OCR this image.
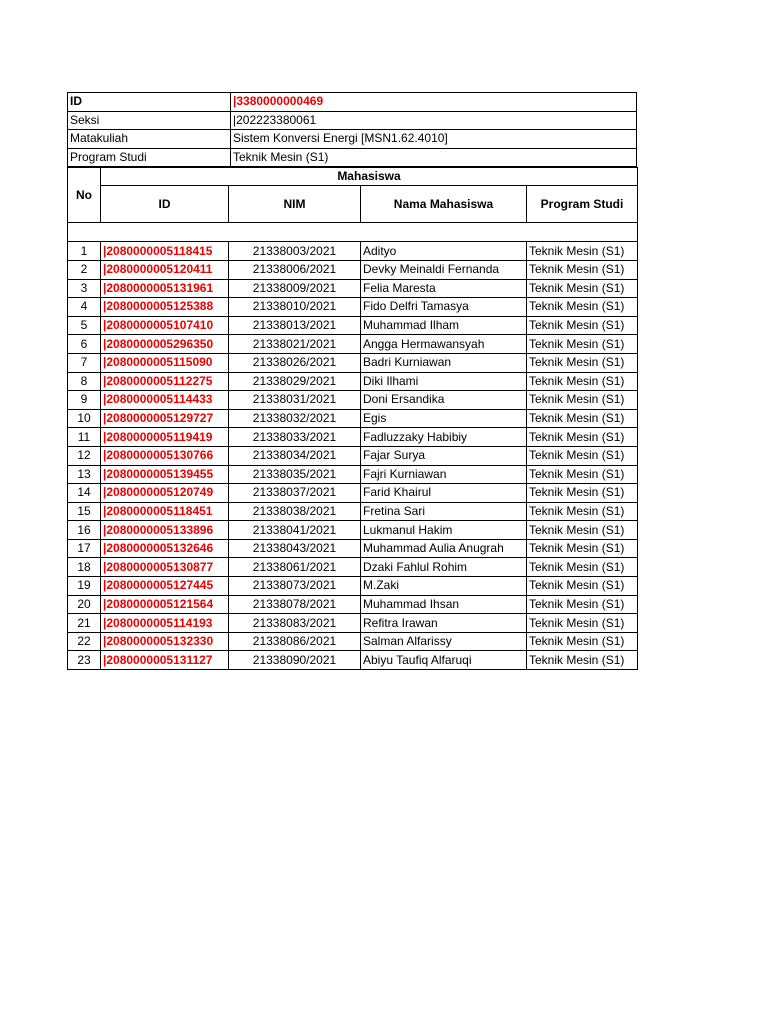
ID	|3380000000469
Seksi	|202223380061
Matakuliah	Sistem Konversi Energi [MSN1.62.4010]
Program Studi	Teknik Mesin (S1)
No	Mahasiswa			
	ID	NIM	Nama Mahasiswa	Program Studi

1	|2080000005118415	21338003/2021	Adityo	Teknik Mesin (S1)
2	|2080000005120411	21338006/2021	Devky Meinaldi Fernanda	Teknik Mesin (S1)
3	|2080000005131961	21338009/2021	Felia Maresta	Teknik Mesin (S1)
4	|2080000005125388	21338010/2021	Fido Delfri Tamasya	Teknik Mesin (S1)
5	|2080000005107410	21338013/2021	Muhammad Ilham	Teknik Mesin (S1)
6	|2080000005296350	21338021/2021	Angga Hermawansyah	Teknik Mesin (S1)
7	|2080000005115090	21338026/2021	Badri Kurniawan	Teknik Mesin (S1)
8	|2080000005112275	21338029/2021	Diki Ilhami	Teknik Mesin (S1)
9	|2080000005114433	21338031/2021	Doni Ersandika	Teknik Mesin (S1)
10	|2080000005129727	21338032/2021	Egis	Teknik Mesin (S1)
11	|2080000005119419	21338033/2021	Fadluzzaky Habibiy	Teknik Mesin (S1)
12	|2080000005130766	21338034/2021	Fajar Surya	Teknik Mesin (S1)
13	|2080000005139455	21338035/2021	Fajri Kurniawan	Teknik Mesin (S1)
14	|2080000005120749	21338037/2021	Farid Khairul	Teknik Mesin (S1)
15	|2080000005118451	21338038/2021	Fretina Sari	Teknik Mesin (S1)
16	|2080000005133896	21338041/2021	Lukmanul Hakim	Teknik Mesin (S1)
17	|2080000005132646	21338043/2021	Muhammad Aulia Anugrah	Teknik Mesin (S1)
18	|2080000005130877	21338061/2021	Dzaki Fahlul Rohim	Teknik Mesin (S1)
19	|2080000005127445	21338073/2021	M.Zaki	Teknik Mesin (S1)
20	|2080000005121564	21338078/2021	Muhammad Ihsan	Teknik Mesin (S1)
21	|2080000005114193	21338083/2021	Refitra Irawan	Teknik Mesin (S1)
22	|2080000005132330	21338086/2021	Salman Alfarissy	Teknik Mesin (S1)
23	|2080000005131127	21338090/2021	Abiyu Taufiq Alfaruqi	Teknik Mesin (S1)
